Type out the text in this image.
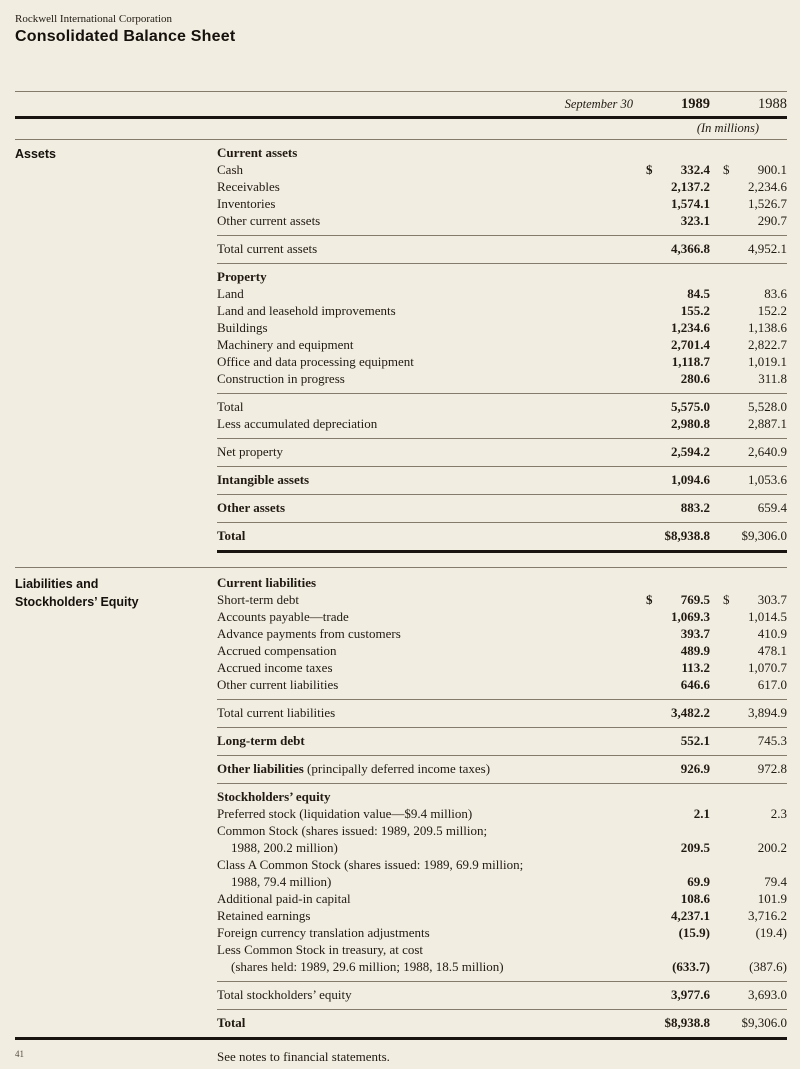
Rockwell International Corporation
Consolidated Balance Sheet
September 30	1989	1988
(In millions)
Assets	Current assets
Cash	$ 332.4 $ 900.1
Receivables	2,137.2	2,234.6
Inventories	1,574.1	1,526.7
Other current assets	323.1	290.7
Total current assets	4,366.8	4,952.1
Property
Land	84.5	83.6
Land and leasehold improvements	155.2	152.2
Buildings	1,234.6	1,138.6
Machinery and equipment	2,701.4	2,822.7
Office and data processing equipment	1,118.7	1,019.1
Construction in progress	280.6	311.8
Total	5,575.0	5,528.0
Less accumulated depreciation	2,980.8	2,887.1
Net property	2,594.2	2,640.9
Intangible assets	1,094.6	1,053.6
Other assets	883.2	659.4
Total	$8,938.8	$9,306.0
Liabilities and
Stockholders’ Equity
Current liabilities
Short-term debt	$ 769.5 $ 303.7
Accounts payable—trade	1,069.3	1,014.5
Advance payments from customers	393.7	410.9
Accrued compensation	489.9	478.1
Accrued income taxes	113.2	1,070.7
Other current liabilities	646.6	617.0
Total current liabilities	3,482.2	3,894.9
Long-term debt	552.1	745.3
Other liabilities (principally deferred income taxes)	926.9	972.8
Stockholders’ equity
Preferred stock (liquidation value—$9.4 million)	2.1	2.3
Common Stock (shares issued: 1989, 209.5 million;
1988, 200.2 million)	209.5	200.2
Class A Common Stock (shares issued: 1989, 69.9 million;
1988, 79.4 million)	69.9	79.4
Additional paid-in capital	108.6	101.9
Retained earnings	4,237.1	3,716.2
Foreign currency translation adjustments	(15.9)	(19.4)
Less Common Stock in treasury, at cost
(shares held: 1989, 29.6 million; 1988, 18.5 million)	(633.7)	(387.6)
Total stockholders’ equity	3,977.6	3,693.0
Total	$8,938.8	$9,306.0
See notes to financial statements.
41
